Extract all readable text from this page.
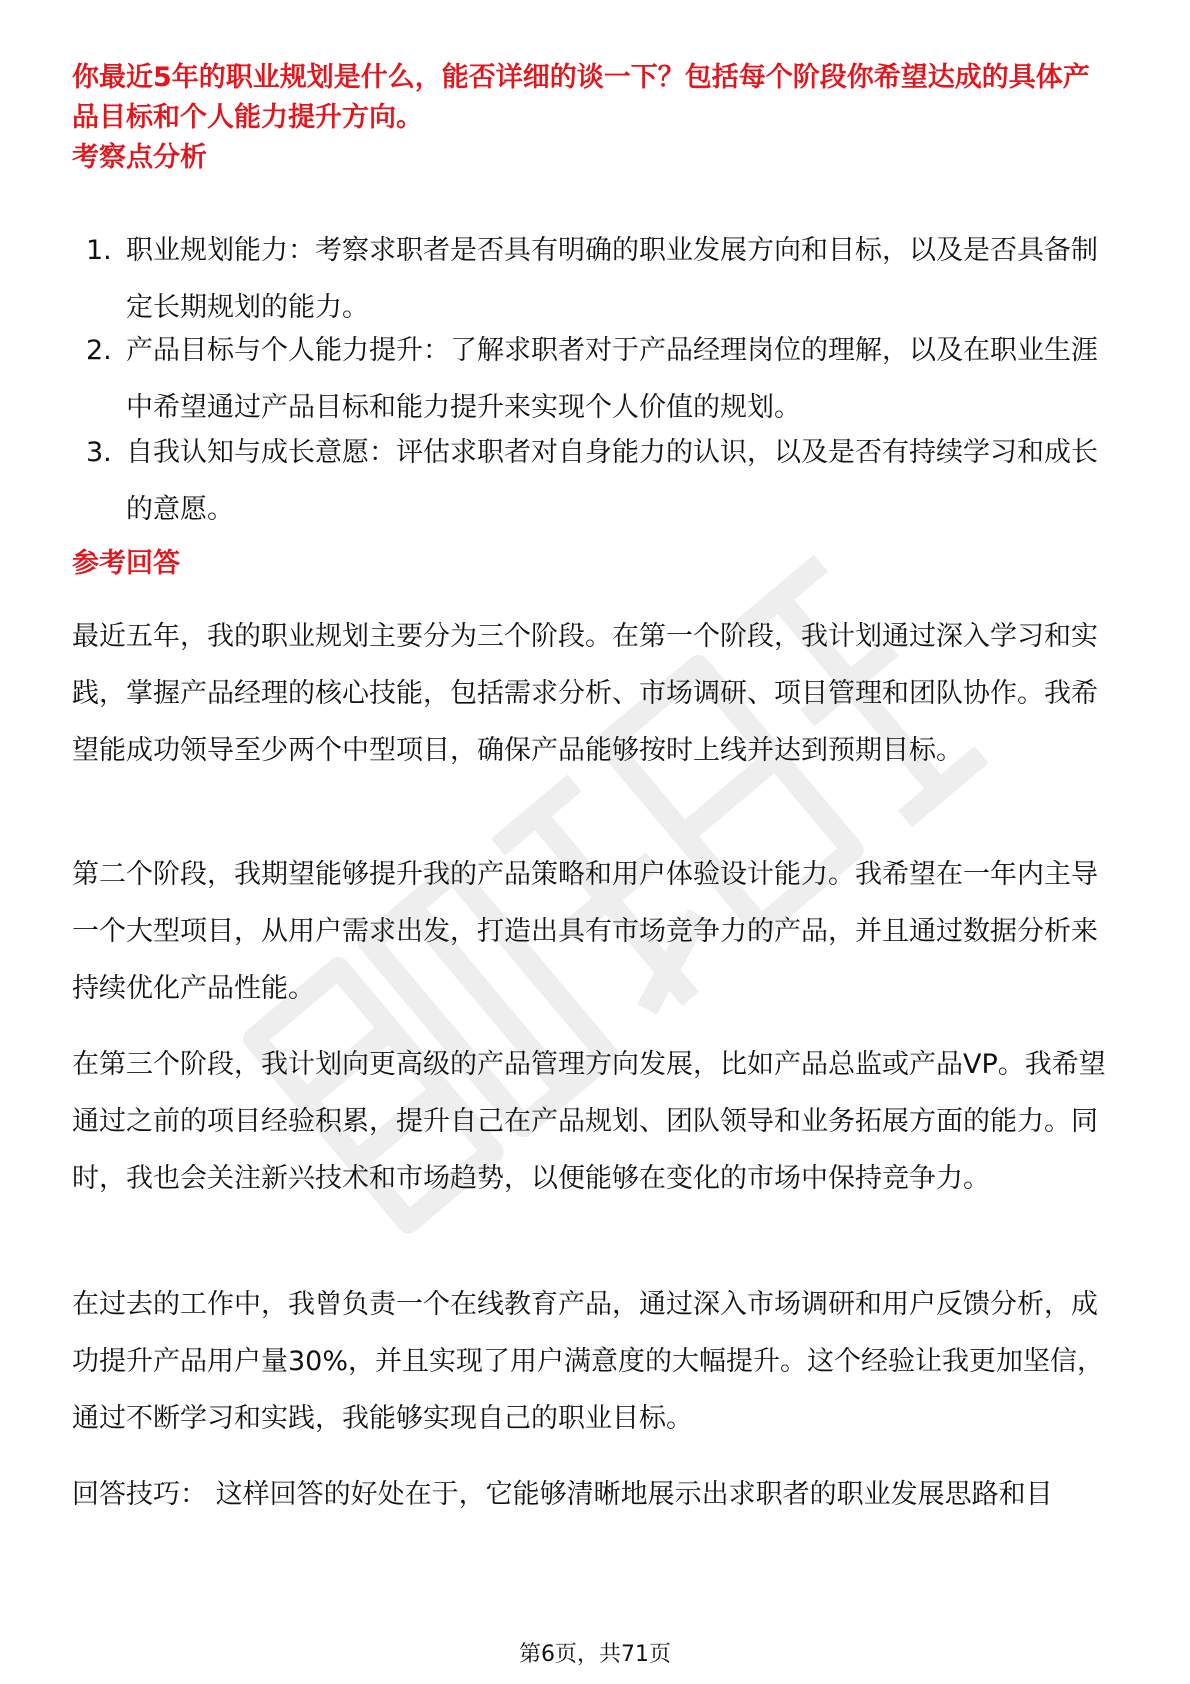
你最近5年的职业规划是什么，能否详细的谈一下？包括每个阶段你希望达成的具体产品目标和个人能力提升方向。

考察点分析
1. 职业规划能力：考察求职者是否具有明确的职业发展方向和目标，以及是否具备制定长期规划的能力。
2. 产品目标与个人能力提升：了解求职者对于产品经理岗位的理解，以及在职业生涯中希望通过产品目标和能力提升来实现个人价值的规划。
3. 自我认知与成长意愿：评估求职者对自身能力的认识，以及是否有持续学习和成长的意愿。
参考回答

最近五年，我的职业规划主要分为三个阶段。在第一个阶段，我计划通过深入学习和实践，掌握产品经理的核心技能，包括需求分析、市场调研、项目管理和团队协作。我希望能成功领导至少两个中型项目，确保产品能够按时上线并达到预期目标。

第二个阶段，我期望能够提升我的产品策略和用户体验设计能力。我希望在一年内主导一个大型项目，从用户需求出发，打造出具有市场竞争力的产品，并且通过数据分析来持续优化产品性能。

在第三个阶段，我计划向更高级的产品管理方向发展，比如产品总监或产品VP。我希望通过之前的项目经验积累，提升自己在产品规划、团队领导和业务拓展方面的能力。同时，我也会关注新兴技术和市场趋势，以便能够在变化的市场中保持竞争力。

在过去的工作中，我曾负责一个在线教育产品，通过深入市场调研和用户反馈分析，成功提升产品用户量30%，并且实现了用户满意度的大幅提升。这个经验让我更加坚信，通过不断学习和实践，我能够实现自己的职业目标。

回答技巧： 这样回答的好处在于，它能够清晰地展示出求职者的职业发展思路和目

第6页，共71页
